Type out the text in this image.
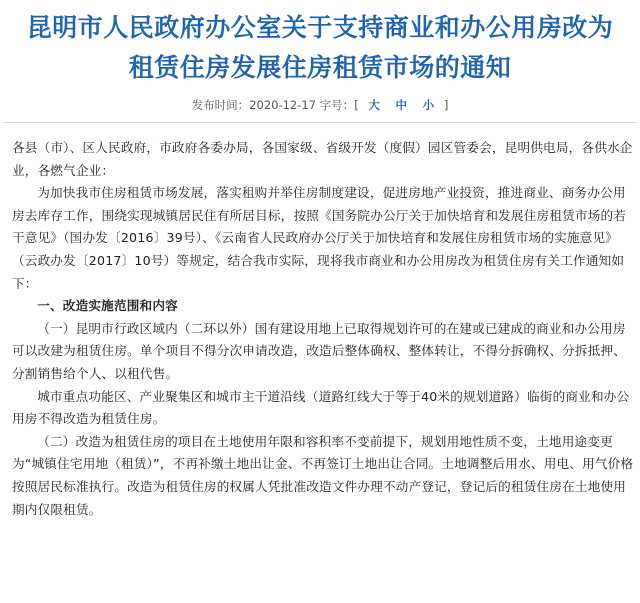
昆明市人民政府办公室关于支持商业和办公用房改为租赁住房发展住房租赁市场的通知
发布时间：2020-12-17 字号：[ 大 中 小 ]

各县（市）、区人民政府，市政府各委办局，各国家级、省级开发（度假）园区管委会，昆明供电局，各供水企业，各燃气企业：

为加快我市住房租赁市场发展，落实租购并举住房制度建设，促进房地产业投资，推进商业、商务办公用房去库存工作，围绕实现城镇居民住有所居目标，按照《国务院办公厅关于加快培育和发展住房租赁市场的若干意见》（国办发〔2016〕39号）、《云南省人民政府办公厅关于加快培育和发展住房租赁市场的实施意见》（云政办发〔2017〕10号）等规定，结合我市实际，现将我市商业和办公用房改为租赁住房有关工作通知如下：

一、改造实施范围和内容

（一）昆明市行政区域内（二环以外）国有建设用地上已取得规划许可的在建或已建成的商业和办公用房可以改建为租赁住房。单个项目不得分次申请改造，改造后整体确权、整体转让，不得分拆确权、分拆抵押、分割销售给个人、以租代售。

城市重点功能区、产业聚集区和城市主干道沿线（道路红线大于等于40米的规划道路）临街的商业和办公用房不得改造为租赁住房。

（二）改造为租赁住房的项目在土地使用年限和容积率不变前提下，规划用地性质不变，土地用途变更为“城镇住宅用地（租赁）”，不再补缴土地出让金、不再签订土地出让合同。土地调整后用水、用电、用气价格按照居民标准执行。改造为租赁住房的权属人凭批准改造文件办理不动产登记，登记后的租赁住房在土地使用期内仅限租赁。
